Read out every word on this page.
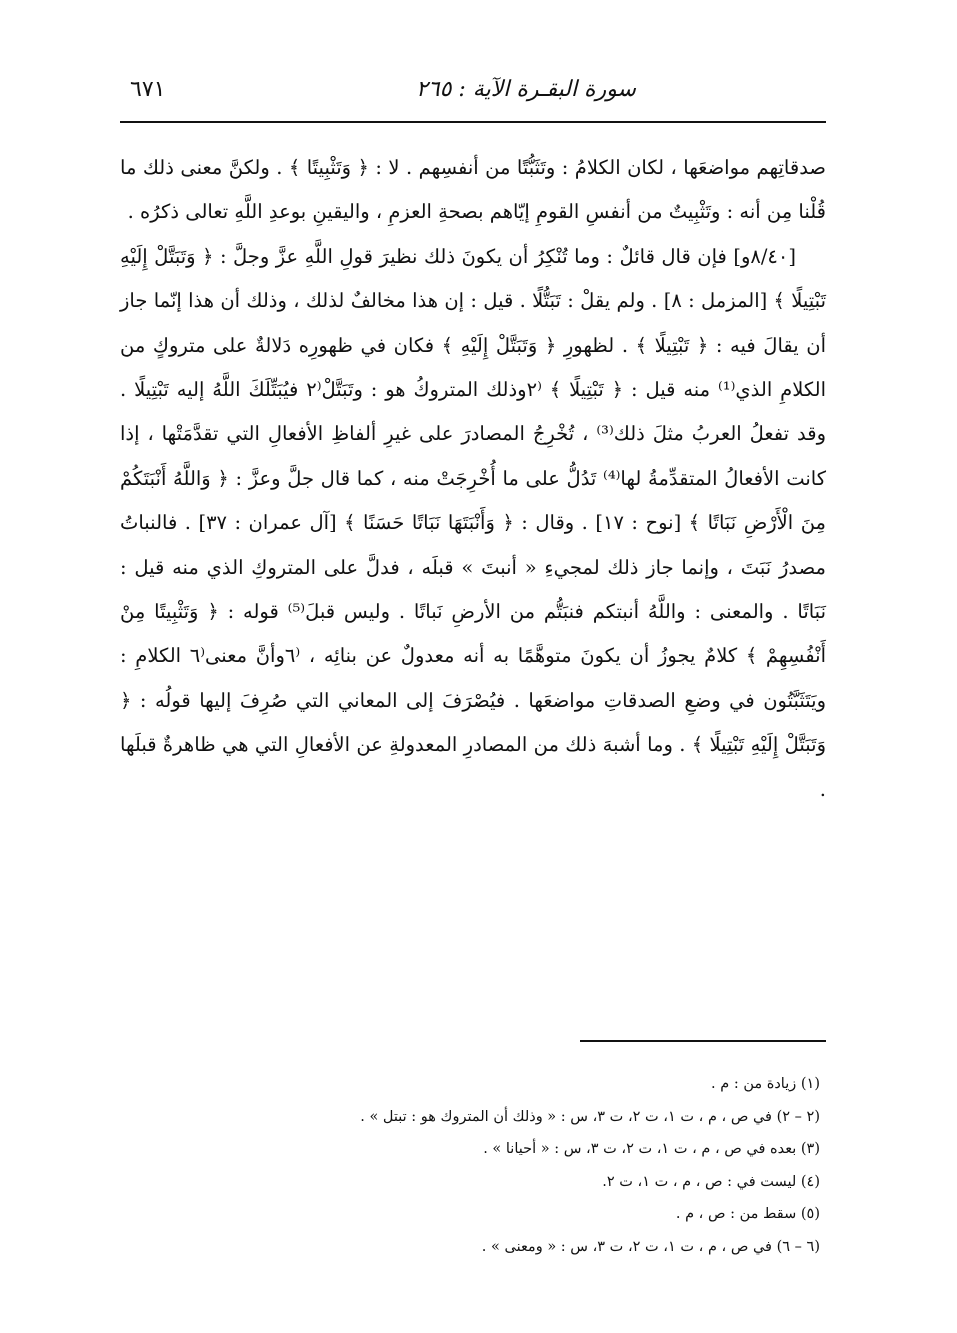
سورة البقـرة الآية : ٢٦٥
٦٧١

صدقاتِهم مواضعَها ، لكان الكلامُ : وتَثَبُّتًا من أنفسِهم . لا : ﴿ وَتَثْبِيتًا ﴾ . ولكنَّ معنى ذلك ما قُلْنا مِن أنه : وتَثْبِيتٌ من أنفسِ القومِ إيّاهم بصحةِ العزمِ ، واليقينِ بوعدِ اللَّهِ تعالى ذكرُه .

[٨/٤٠و] فإن قال قائلٌ : وما تُنْكِرُ أن يكونَ ذلك نظيرَ قولِ اللَّهِ عزَّ وجلَّ : ﴿ وَتَبَتَّلْ إِلَيْهِ تَبْتِيلًا ﴾ [المزمل : ٨] . ولم يقلْ : تَبَتُّلًا . قيل : إن هذا مخالفٌ لذلك ، وذلك أن هذا إنّما جاز أن يقالَ فيه : ﴿ تَبْتِيلًا ﴾ . لظهورِ ﴿ وَتَبَتَّلْ إِلَيْهِ ﴾ فكان في ظهورِه دَلالةٌ على متروكٍ من الكلامِ الذي⁽¹⁾ منه قيل : ﴿ تَبْتِيلًا ﴾ ⁽٢وذلك المتروكُ هو : وتَبَتَّلْ⁽٢ فيُبَتِّلَكَ اللَّهُ إليه تَبْتِيلًا . وقد تفعلُ العربُ مثلَ ذلك⁽³⁾ ، تُخْرِجُ المصادرَ على غيرِ ألفاظِ الأفعالِ التي تقدَّمَتْها ، إذا كانت الأفعالُ المتقدِّمةُ لها⁽⁴⁾ تَدُلُّ على ما أُخْرِجَتْ منه ، كما قال جلَّ وعزَّ : ﴿ وَاللَّهُ أَنْبَتَكُمْ مِنَ الْأَرْضِ نَبَاتًا ﴾ [نوح : ١٧] . وقال : ﴿ وَأَنْبَتَهَا نَبَاتًا حَسَنًا ﴾ [آل عمران : ٣٧] . فالنباتُ مصدرُ نَبَتَ ، وإنما جاز ذلك لمجيءِ « أنبتَ » قبلَه ، فدلَّ على المتروكِ الذي منه قيل : نَبَاتًا . والمعنى : واللَّهُ أنبتكم فنبَتُّم من الأرضِ نَباتًا . وليس قبلَ⁽⁵⁾ قوله : ﴿ وَتَثْبِيتًا مِنْ أَنْفُسِهِمْ ﴾ كلامٌ يجوزُ أن يكونَ متوهَّمًا به أنه معدولٌ عن بنائِه ، ⁽٦وأنَّ معنى⁽٦ الكلامِ : ويَتَثَبَّتُون في وضعِ الصدقاتِ مواضعَها . فيُصْرَفَ إلى المعاني التي صُرِفَ إليها قولُه : ﴿ وَتَبَتَّلْ إِلَيْهِ تَبْتِيلًا ﴾ . وما أشبهَ ذلك من المصادرِ المعدولةِ عن الأفعالِ التي هي ظاهرةٌ قبلَها .

(١) زيادة من : م .

(٢ – ٢) في ص ، م ، ت ١، ت ٢، ت ٣، س : « وذلك أن المتروك هو : تبتل » .

(٣) بعده في ص ، م ، ت ١، ت ٢، ت ٣، س : « أحيانا » .

(٤) ليست في : ص ، م ، ت ١، ت ٢.

(٥) سقط من : ص ، م .

(٦ – ٦) في ص ، م ، ت ١، ت ٢، ت ٣، س : « ومعنى » .
